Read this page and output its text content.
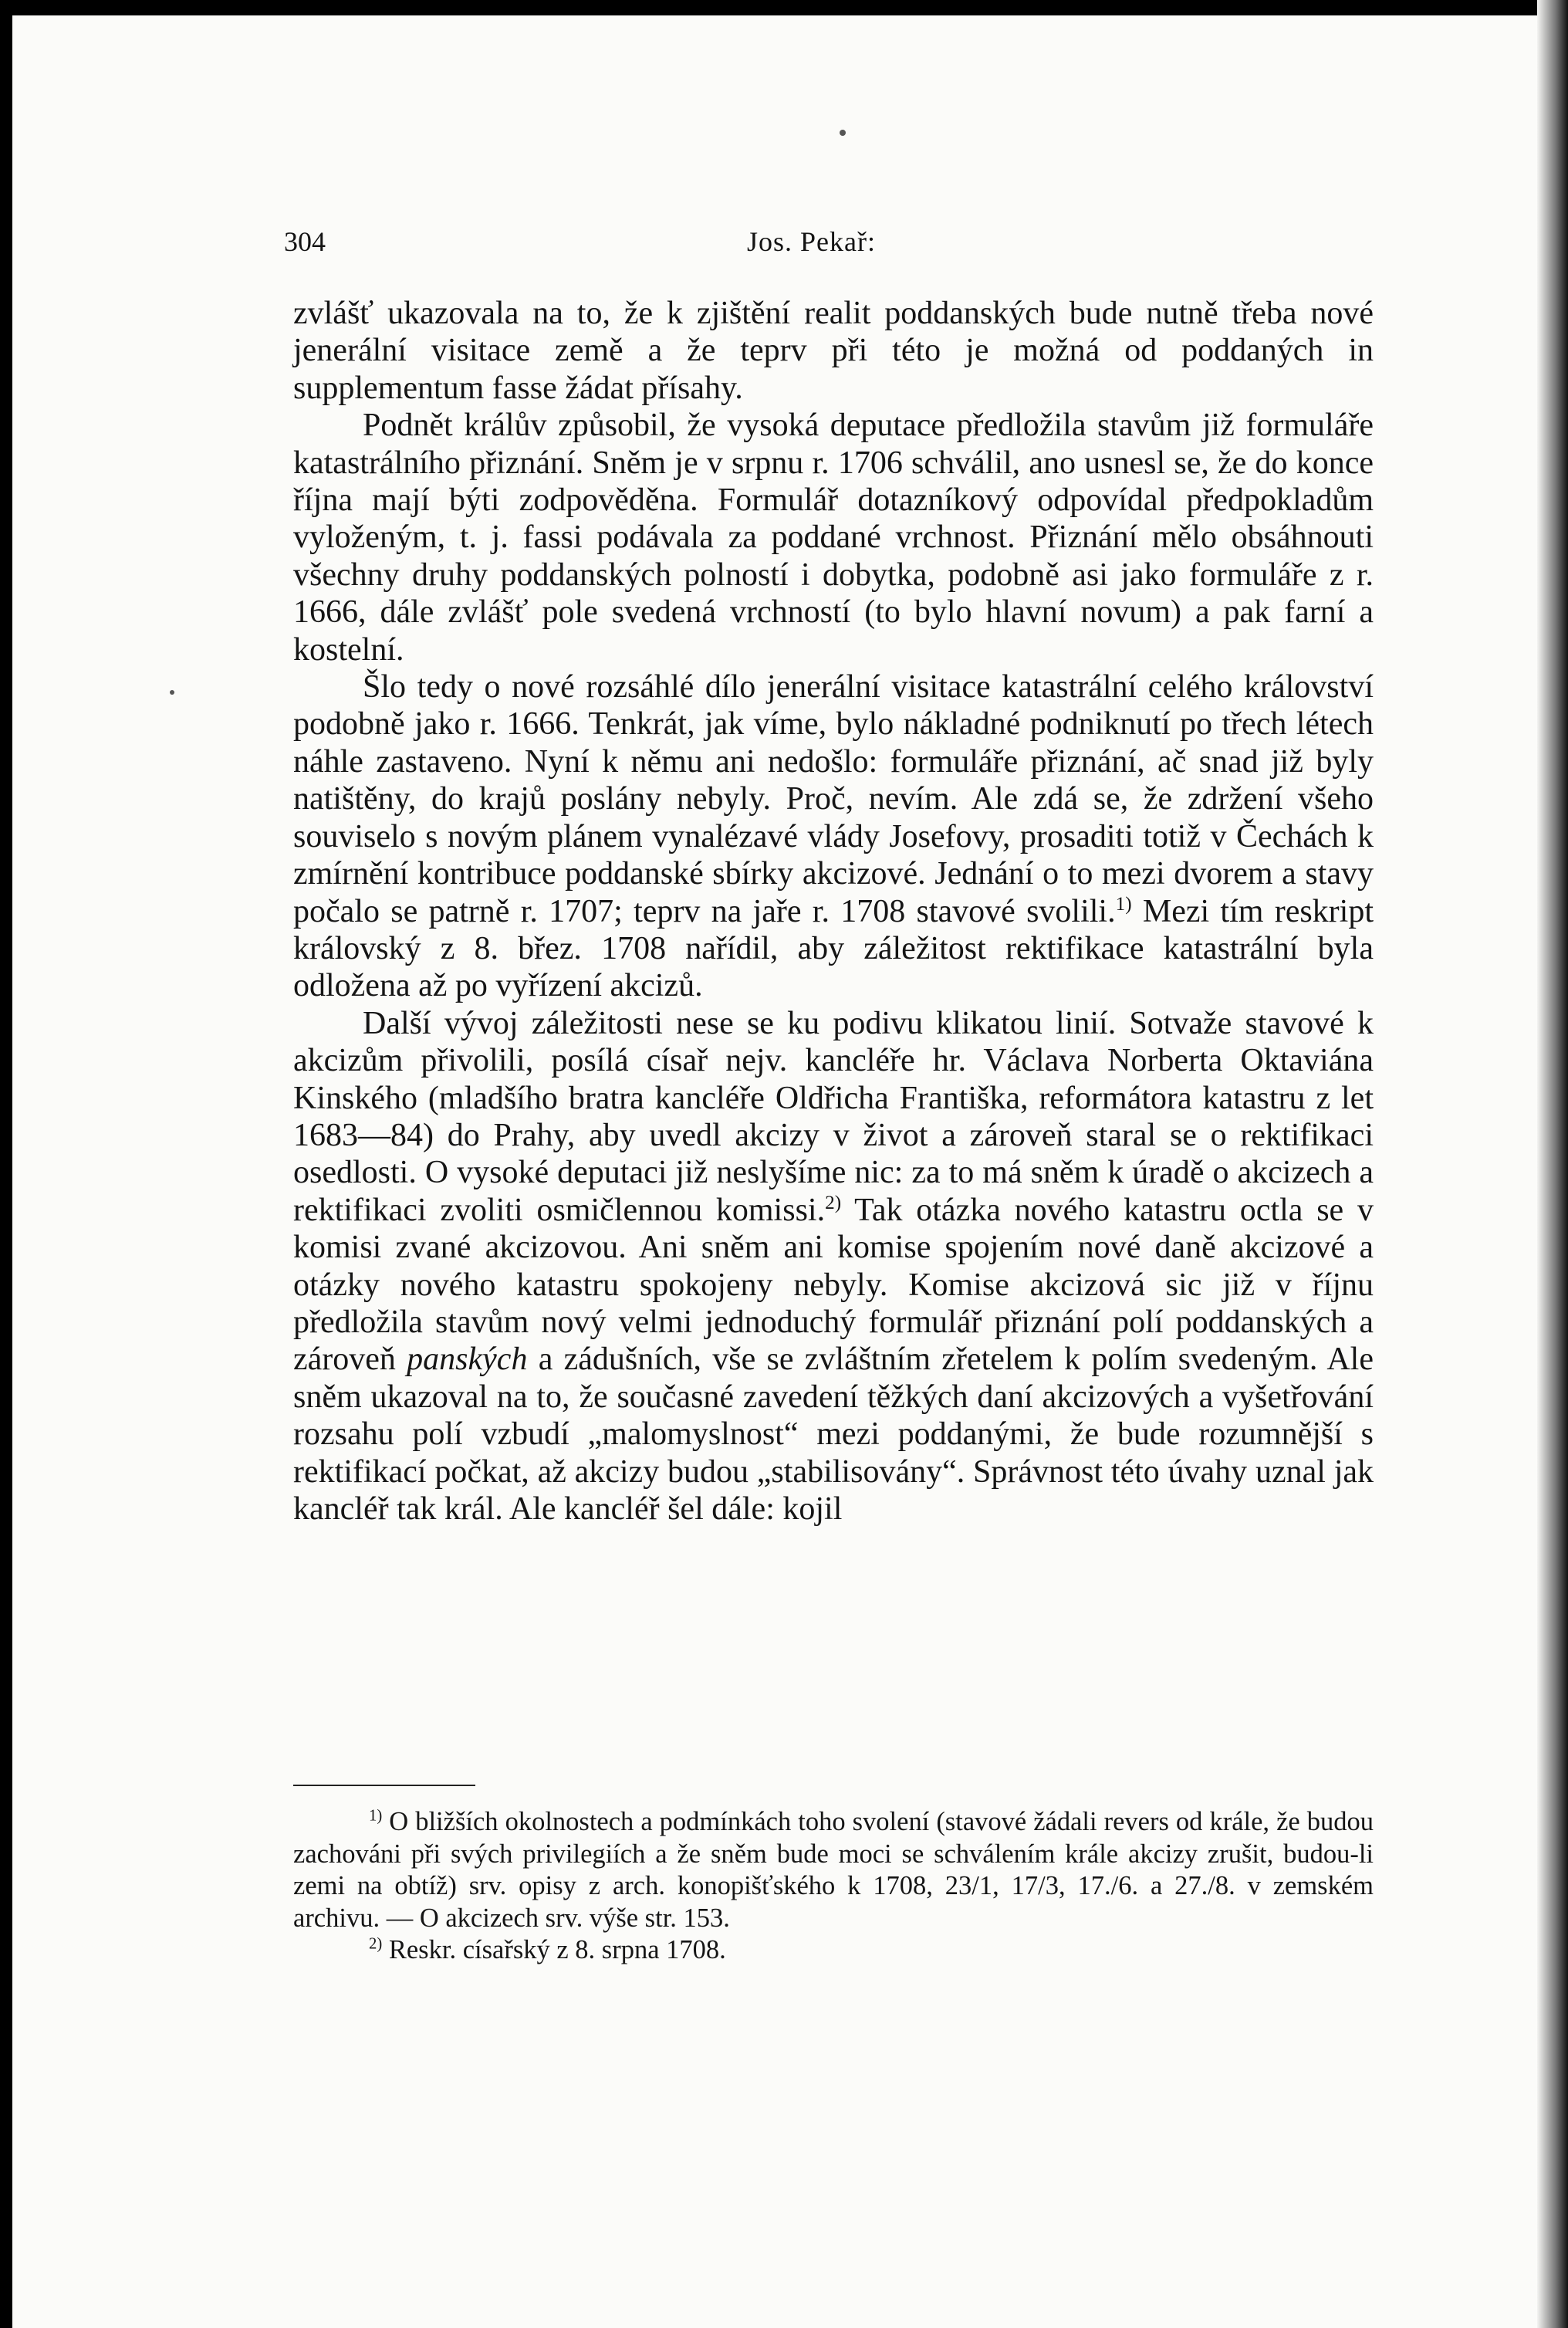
304	Jos. Pekař:

zvlášť ukazovala na to, že k zjištění realit poddanských bude nutně třeba nové jenerální visitace země a že teprv při této je možná od poddaných in supplementum fasse žádat přísahy.

Podnět králův způsobil, že vysoká deputace předložila stavům již formuláře katastrálního přiznání. Sněm je v srpnu r. 1706 schválil, ano usnesl se, že do konce října mají býti zodpověděna. Formulář dotazníkový odpovídal předpokladům vyloženým, t. j. fassi podávala za poddané vrchnost. Přiznání mělo obsáhnouti všechny druhy poddanských polností i dobytka, podobně asi jako formuláře z r. 1666, dále zvlášť pole svedená vrchností (to bylo hlavní novum) a pak farní a kostelní.

Šlo tedy o nové rozsáhlé dílo jenerální visitace katastrální celého království podobně jako r. 1666. Tenkrát, jak víme, bylo nákladné podniknutí po třech létech náhle zastaveno. Nyní k němu ani nedošlo: formuláře přiznání, ač snad již byly natištěny, do krajů poslány nebyly. Proč, nevím. Ale zdá se, že zdržení všeho souviselo s novým plánem vynalézavé vlády Josefovy, prosaditi totiž v Čechách k zmírnění kontribuce poddanské sbírky akcizové. Jednání o to mezi dvorem a stavy počalo se patrně r. 1707; teprv na jaře r. 1708 stavové svolili.$^{1)}$ Mezi tím reskript královský z 8. břez. 1708 nařídil, aby záležitost rektifikace katastrální byla odložena až po vyřízení akcizů.

Další vývoj záležitosti nese se ku podivu klikatou linií. Sotvaže stavové k akcizům přivolili, posílá císař nejv. kancléře hr. Václava Norberta Oktaviána Kinského (mladšího bratra kancléře Oldřicha Františka, reformátora katastru z let 1683—84) do Prahy, aby uvedl akcizy v život a zároveň staral se o rektifikaci osedlosti. O vysoké deputaci již neslyšíme nic: za to má sněm k úradě o akcizech a rektifikaci zvoliti osmičlennou komissi.$^{2)}$ Tak otázka nového katastru octla se v komisi zvané akcizovou. Ani sněm ani komise spojením nové daně akcizové a otázky nového katastru spokojeny nebyly. Komise akcizová sic již v říjnu předložila stavům nový velmi jednoduchý formulář přiznání polí poddanských a zároveň panských a zádušních, vše se zvláštním zřetelem k polím svedeným. Ale sněm ukazoval na to, že současné zavedení těžkých daní akcizových a vyšetřování rozsahu polí vzbudí „malomyslnost“ mezi poddanými, že bude rozumnější s rektifikací počkat, až akcizy budou „stabilisovány“. Správnost této úvahy uznal jak kancléř tak král. Ale kancléř šel dále: kojil

$^{1)}$ O bližších okolnostech a podmínkách toho svolení (stavové žádali revers od krále, že budou zachováni při svých privilegiích a že sněm bude moci se schválením krále akcizy zrušit, budou-li zemi na obtíž) srv. opisy z arch. konopišťského k 1708, 23/1, 17/3, 17./6. a 27./8. v zemském archivu. — O akcizech srv. výše str. 153.

$^{2)}$ Reskr. císařský z 8. srpna 1708.
